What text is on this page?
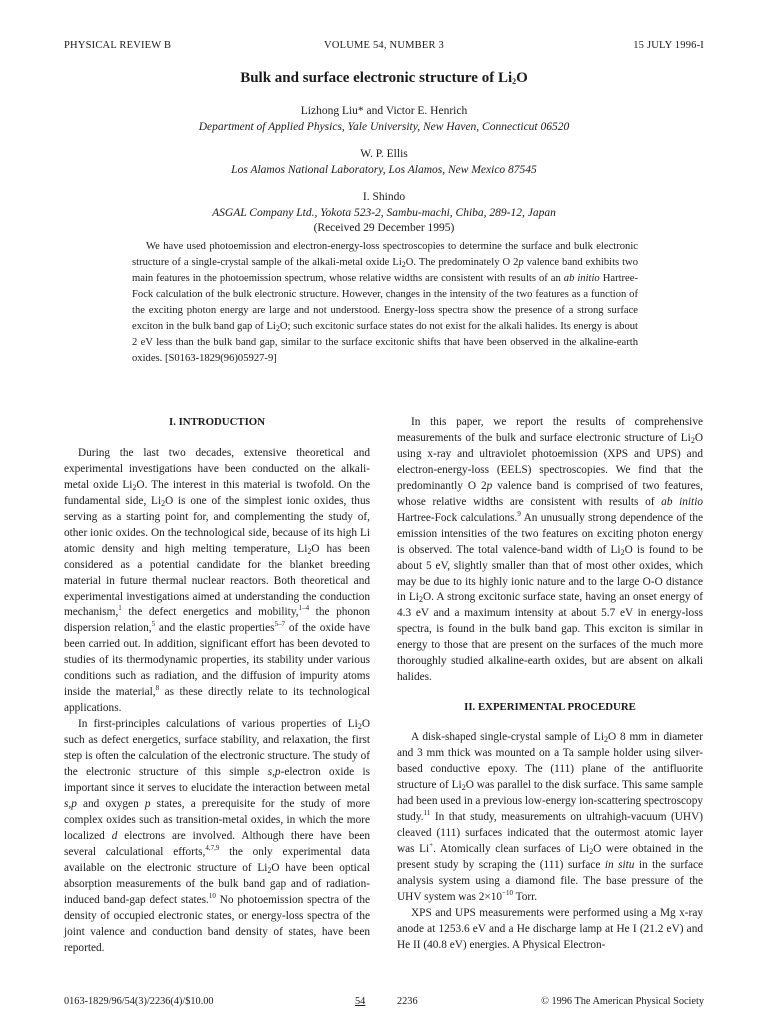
PHYSICAL REVIEW B	VOLUME 54, NUMBER 3	15 JULY 1996-I
Bulk and surface electronic structure of $Li_2O$
Lizhong Liu* and Victor E. Henrich
Department of Applied Physics, Yale University, New Haven, Connecticut 06520
W. P. Ellis
Los Alamos National Laboratory, Los Alamos, New Mexico 87545
I. Shindo
ASGAL Company Ltd., Yokota 523-2, Sambu-machi, Chiba, 289-12, Japan
(Received 29 December 1995)
We have used photoemission and electron-energy-loss spectroscopies to determine the surface and bulk electronic structure of a single-crystal sample of the alkali-metal oxide $Li_2O$. The predominately O 2p valence band exhibits two main features in the photoemission spectrum, whose relative widths are consistent with results of an ab initio Hartree-Fock calculation of the bulk electronic structure. However, changes in the intensity of the two features as a function of the exciting photon energy are large and not understood. Energy-loss spectra show the presence of a strong surface exciton in the bulk band gap of $Li_2O$; such excitonic surface states do not exist for the alkali halides. Its energy is about 2 eV less than the bulk band gap, similar to the surface excitonic shifts that have been observed in the alkaline-earth oxides. [S0163-1829(96)05927-9]
I. INTRODUCTION

During the last two decades, extensive theoretical and experimental investigations have been conducted on the alkali-metal oxide $Li_2O$. The interest in this material is twofold. On the fundamental side, $Li_2O$ is one of the simplest ionic oxides, thus serving as a starting point for, and complementing the study of, other ionic oxides. On the technological side, because of its high Li atomic density and high melting temperature, $Li_2O$ has been considered as a potential candidate for the blanket breeding material in future thermal nuclear reactors. Both theoretical and experimental investigations aimed at understanding the conduction mechanism,$^1$ the defect energetics and mobility,$^{1-4}$ the phonon dispersion relation,$^5$ and the elastic properties$^{5-7}$ of the oxide have been carried out. In addition, significant effort has been devoted to studies of its thermodynamic properties, its stability under various conditions such as radiation, and the diffusion of impurity atoms inside the material,$^8$ as these directly relate to its technological applications.

In first-principles calculations of various properties of $Li_2O$ such as defect energetics, surface stability, and relaxation, the first step is often the calculation of the electronic structure. The study of the electronic structure of this simple s,p-electron oxide is important since it serves to elucidate the interaction between metal s,p and oxygen p states, a prerequisite for the study of more complex oxides such as transition-metal oxides, in which the more localized d electrons are involved. Although there have been several calculational efforts,$^{4,7,9}$ the only experimental data available on the electronic structure of $Li_2O$ have been optical absorption measurements of the bulk band gap and of radiation-induced band-gap defect states.$^{10}$ No photoemission spectra of the density of occupied electronic states, or energy-loss spectra of the joint valence and conduction band density of states, have been reported.

In this paper, we report the results of comprehensive measurements of the bulk and surface electronic structure of $Li_2O$ using x-ray and ultraviolet photoemission (XPS and UPS) and electron-energy-loss (EELS) spectroscopies. We find that the predominantly O 2p valence band is comprised of two features, whose relative widths are consistent with results of ab initio Hartree-Fock calculations.$^9$ An unusually strong dependence of the emission intensities of the two features on exciting photon energy is observed. The total valence-band width of $Li_2O$ is found to be about 5 eV, slightly smaller than that of most other oxides, which may be due to its highly ionic nature and to the large O-O distance in $Li_2O$. A strong excitonic surface state, having an onset energy of 4.3 eV and a maximum intensity at about 5.7 eV in energy-loss spectra, is found in the bulk band gap. This exciton is similar in energy to those that are present on the surfaces of the much more thoroughly studied alkaline-earth oxides, but are absent on alkali halides.

II. EXPERIMENTAL PROCEDURE

A disk-shaped single-crystal sample of $Li_2O$ 8 mm in diameter and 3 mm thick was mounted on a Ta sample holder using silver-based conductive epoxy. The (111) plane of the antifluorite structure of $Li_2O$ was parallel to the disk surface. This same sample had been used in a previous low-energy ion-scattering spectroscopy study.$^{11}$ In that study, measurements on ultrahigh-vacuum (UHV) cleaved (111) surfaces indicated that the outermost atomic layer was Li+. Atomically clean surfaces of $Li_2O$ were obtained in the present study by scraping the (111) surface in situ in the surface analysis system using a diamond file. The base pressure of the UHV system was $2\times 10^{-10}$ Torr.

XPS and UPS measurements were performed using a Mg x-ray anode at 1253.6 eV and a He discharge lamp at He I (21.2 eV) and He II (40.8 eV) energies. A Physical Electron-

0163-1829/96/54(3)/2236(4)/$10.00	54	2236	© 1996 The American Physical Society
